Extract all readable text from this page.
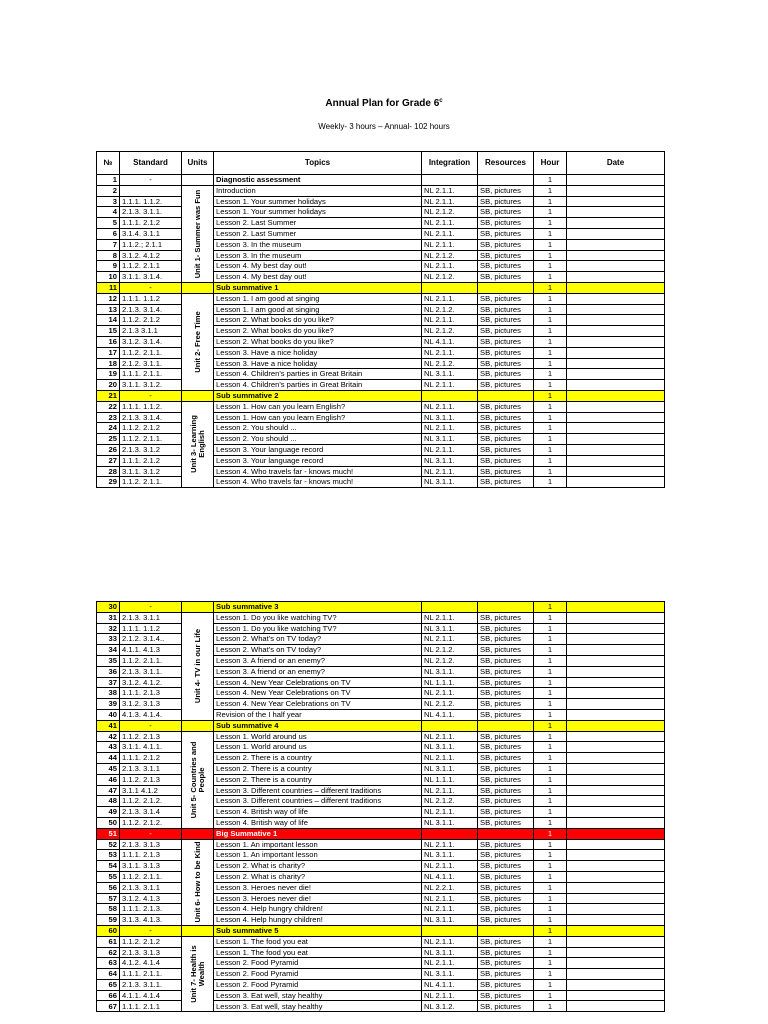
Annual Plan for Grade 6$^c$
Weekly- 3 hours – Annual- 102 hours
№	Standard	Units	Topics	Integration	Resources	Hour	Date
1	-		Diagnostic assessment			1	
2		Unit 1- Summer was Fun	Introduction	NL 2.1.1.	SB, pictures	1	
3	1.1.1. 1.1.2.		Lesson 1. Your summer holidays	NL 2.1.1.	SB, pictures	1	
4	2.1.3. 3.1.1.		Lesson 1. Your summer holidays	NL 2.1.2.	SB, pictures	1	
5	1.1.1. 2.1.2		Lesson 2. Last Summer	NL 2.1.1.	SB, pictures	1	
6	3.1.4. 3.1.1		Lesson 2. Last Summer	NL 2.1.1.	SB, pictures	1	
7	1.1.2.; 2.1.1		Lesson 3. In the museum	NL 2.1.1.	SB, pictures	1	
8	3.1.2. 4.1.2		Lesson 3. In the museum	NL 2.1.2.	SB, pictures	1	
9	1.1.2. 2.1.1		Lesson 4. My best day out!	NL 2.1.1.	SB, pictures	1	
10	3.1.1. 3.1.4.		Lesson 4. My best day out!	NL 2.1.2.	SB, pictures	1	
11	-		Sub summative 1			1	
12	1.1.1. 1.1.2	Unit 2- Free Time	Lesson 1. I am good at singing	NL 2.1.1.	SB, pictures	1	
13	2.1.3. 3.1.4.		Lesson 1. I am good at singing	NL 2.1.2.	SB, pictures	1	
14	1.1.2. 2.1.2		Lesson 2. What books do you like?	NL 2.1.1.	SB, pictures	1	
15	2.1.3 3.1.1		Lesson 2. What books do you like?	NL 2.1.2.	SB, pictures	1	
16	3.1.2. 3.1.4.		Lesson 2. What books do you like?	NL 4.1.1.	SB, pictures	1	
17	1.1.2. 2.1.1.		Lesson 3. Have a nice holiday	NL 2.1.1.	SB, pictures	1	
18	2.1.2. 3.1.1.		Lesson 3. Have a nice holiday	NL 2.1.2.	SB, pictures	1	
19	1.1.1. 2.1.1.		Lesson 4. Children's parties in Great Britain	NL 3.1.1.	SB, pictures	1	
20	3.1.1. 3.1.2.		Lesson 4. Children's parties in Great Britain	NL 2.1.1.	SB, pictures	1	
21	-		Sub summative 2			1	
22	1.1.1. 1.1.2.	Unit 3- Learning English	Lesson 1. How can you learn English?	NL 2.1.1.	SB, pictures	1	
23	2.1.3. 3.1.4.		Lesson 1. How can you learn English?	NL 3.1.1.	SB, pictures	1	
24	1.1.2. 2.1.2		Lesson 2. You should ...	NL 2.1.1.	SB, pictures	1	
25	1.1.2. 2.1.1.		Lesson 2. You should ...	NL 3.1.1.	SB, pictures	1	
26	2.1.3. 3.1.2		Lesson 3. Your language record	NL 2.1.1.	SB, pictures	1	
27	1.1.1. 2.1.2		Lesson 3. Your language record	NL 3.1.1.	SB, pictures	1	
28	3.1.1. 3.1.2		Lesson 4. Who travels far - knows much!	NL 2.1.1.	SB, pictures	1	
29	1.1.2. 2.1.1.		Lesson 4. Who travels far - knows much!	NL 3.1.1.	SB, pictures	1	
30	-		Sub summative 3			1	
31	2.1.3. 3.1.1	Unit 4- TV in our Life	Lesson 1. Do you like watching TV?	NL 2.1.1.	SB, pictures	1	
32	1.1.1. 1.1.2		Lesson 1. Do you like watching TV?	NL 3.1.1.	SB, pictures	1	
33	2.1.2. 3.1.4..		Lesson 2. What's on TV today?	NL 2.1.1.	SB, pictures	1	
34	4.1.1. 4.1.3		Lesson 2. What's on TV today?	NL 2.1.2.	SB, pictures	1	
35	1.1.2. 2.1.1.		Lesson 3. A friend or an enemy?	NL 2.1.2.	SB, pictures	1	
36	2.1.3. 3.1.1.		Lesson 3. A friend or an enemy?	NL 3.1.1.	SB, pictures	1	
37	3.1.2. 4.1.2.		Lesson 4. New Year Celebrations on TV	NL 1.1.1.	SB, pictures	1	
38	1.1.1. 2.1.3		Lesson 4. New Year Celebrations on TV	NL 2.1.1.	SB, pictures	1	
39	3.1.2. 3.1.3		Lesson 4. New Year Celebrations on TV	NL 2.1.2.	SB, pictures	1	
40	4.1.3. 4.1.4.		Revision of the I half year	NL 4.1.1.	SB, pictures	1	
41	-		Sub summative 4			1	
42	1.1.2. 2.1.3	Unit 5- Countries and People	Lesson 1. World around us	NL 2.1.1.	SB, pictures	1	
43	3.1.1. 4.1.1.		Lesson 1. World around us	NL 3.1.1.	SB, pictures	1	
44	1.1.1. 2.1.2		Lesson 2. There is a country	NL 2.1.1.	SB, pictures	1	
45	2.1.3. 3.1.1		Lesson 2. There is a country	NL 3.1.1.	SB, pictures	1	
46	1.1.2. 2.1.3		Lesson 2. There is a country	NL 1.1.1.	SB, pictures	1	
47	3.1.1 4.1.2		Lesson 3. Different countries – different traditions	NL 2.1.1.	SB, pictures	1	
48	1.1.2. 2.1.2.		Lesson 3. Different countries – different traditions	NL 2.1.2.	SB, pictures	1	
49	2.1.3. 3.1.4		Lesson 4. British way of life	NL 2.1.1.	SB, pictures	1	
50	1.1.2. 2.1.2.		Lesson 4. British way of life	NL 3.1.1.	SB, pictures	1	
51	-		Big Summative 1			1	
52	2.1.3. 3.1.3	Unit 6- How to be Kind	Lesson 1. An important lesson	NL 2.1.1.	SB, pictures	1	
53	1.1.1. 2.1.3		Lesson 1. An important lesson	NL 3.1.1.	SB, pictures	1	
54	3.1.1. 3.1.3		Lesson 2. What is charity?	NL 2.1.1.	SB, pictures	1	
55	1.1.2. 2.1.1.		Lesson 2. What is charity?	NL 4.1.1.	SB, pictures	1	
56	2.1.3. 3.1.1		Lesson 3. Heroes never die!	NL 2.2.1.	SB, pictures	1	
57	3.1.2. 4.1.3		Lesson 3. Heroes never die!	NL 2.1.1.	SB, pictures	1	
58	1.1.1. 2.1.3.		Lesson 4. Help hungry children!	NL 2.1.1.	SB, pictures	1	
59	3.1.3. 4.1.3.		Lesson 4. Help hungry children!	NL 3.1.1.	SB, pictures	1	
60	-		Sub summative 5			1	
61	1.1.2. 2.1.2	Unit 7- Health is Wealth	Lesson 1. The food you eat	NL 2.1.1.	SB, pictures	1	
62	2.1.3. 3.1.3		Lesson 1. The food you eat	NL 3.1.1.	SB, pictures	1	
63	4.1.2. 4.1.4		Lesson 2. Food Pyramid	NL 2.1.1.	SB, pictures	1	
64	1.1.1. 2.1.1.		Lesson 2. Food Pyramid	NL 3.1.1.	SB, pictures	1	
65	2.1.3. 3.1.1.		Lesson 2. Food Pyramid	NL 4.1.1.	SB, pictures	1	
66	4.1.1. 4.1.4		Lesson 3. Eat well, stay healthy	NL 2.1.1.	SB, pictures	1	
67	1.1.1. 2.1.1		Lesson 3. Eat well, stay healthy	NL 3.1.2.	SB, pictures	1	
